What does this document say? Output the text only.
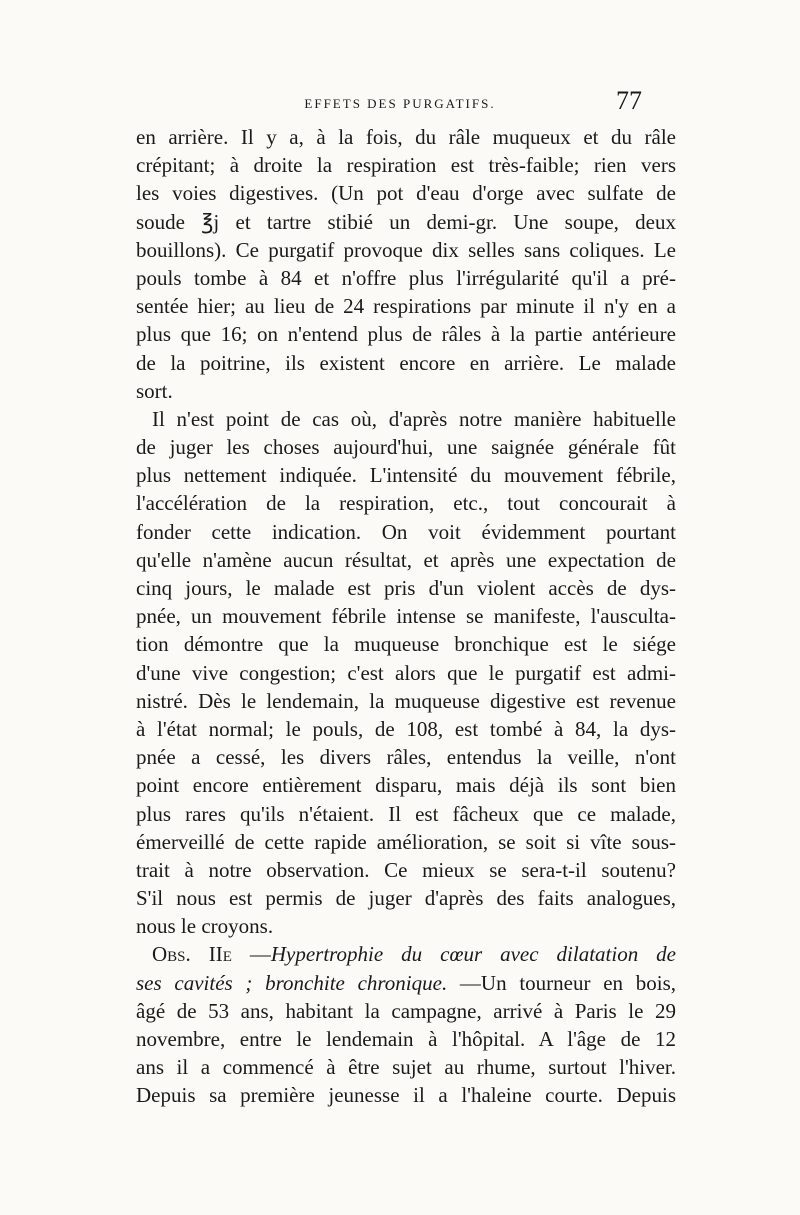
EFFETS DES PURGATIFS.	77
en arrière. Il y a, à la fois, du râle muqueux et du râle
crépitant; à droite la respiration est très-faible; rien vers
les voies digestives. (Un pot d'eau d'orge avec sulfate de
soude ℥j et tartre stibié un demi-gr. Une soupe, deux
bouillons). Ce purgatif provoque dix selles sans coliques. Le
pouls tombe à 84 et n'offre plus l'irrégularité qu'il a pré-
sentée hier; au lieu de 24 respirations par minute il n'y en a
plus que 16; on n'entend plus de râles à la partie antérieure
de la poitrine, ils existent encore en arrière. Le malade
sort.
Il n'est point de cas où, d'après notre manière habituelle
de juger les choses aujourd'hui, une saignée générale fût
plus nettement indiquée. L'intensité du mouvement fébrile,
l'accélération de la respiration, etc., tout concourait à
fonder cette indication. On voit évidemment pourtant
qu'elle n'amène aucun résultat, et après une expectation de
cinq jours, le malade est pris d'un violent accès de dys-
pnée, un mouvement fébrile intense se manifeste, l'ausculta-
tion démontre que la muqueuse bronchique est le siége
d'une vive congestion; c'est alors que le purgatif est admi-
nistré. Dès le lendemain, la muqueuse digestive est revenue
à l'état normal; le pouls, de 108, est tombé à 84, la dys-
pnée a cessé, les divers râles, entendus la veille, n'ont
point encore entièrement disparu, mais déjà ils sont bien
plus rares qu'ils n'étaient. Il est fâcheux que ce malade,
émerveillé de cette rapide amélioration, se soit si vîte sous-
trait à notre observation. Ce mieux se sera-t-il soutenu?
S'il nous est permis de juger d'après des faits analogues,
nous le croyons.
Obs. IIe —Hypertrophie du cœur avec dilatation de
ses cavités ; bronchite chronique. —Un tourneur en bois,
âgé de 53 ans, habitant la campagne, arrivé à Paris le 29
novembre, entre le lendemain à l'hôpital. A l'âge de 12
ans il a commencé à être sujet au rhume, surtout l'hiver.
Depuis sa première jeunesse il a l'haleine courte. Depuis
